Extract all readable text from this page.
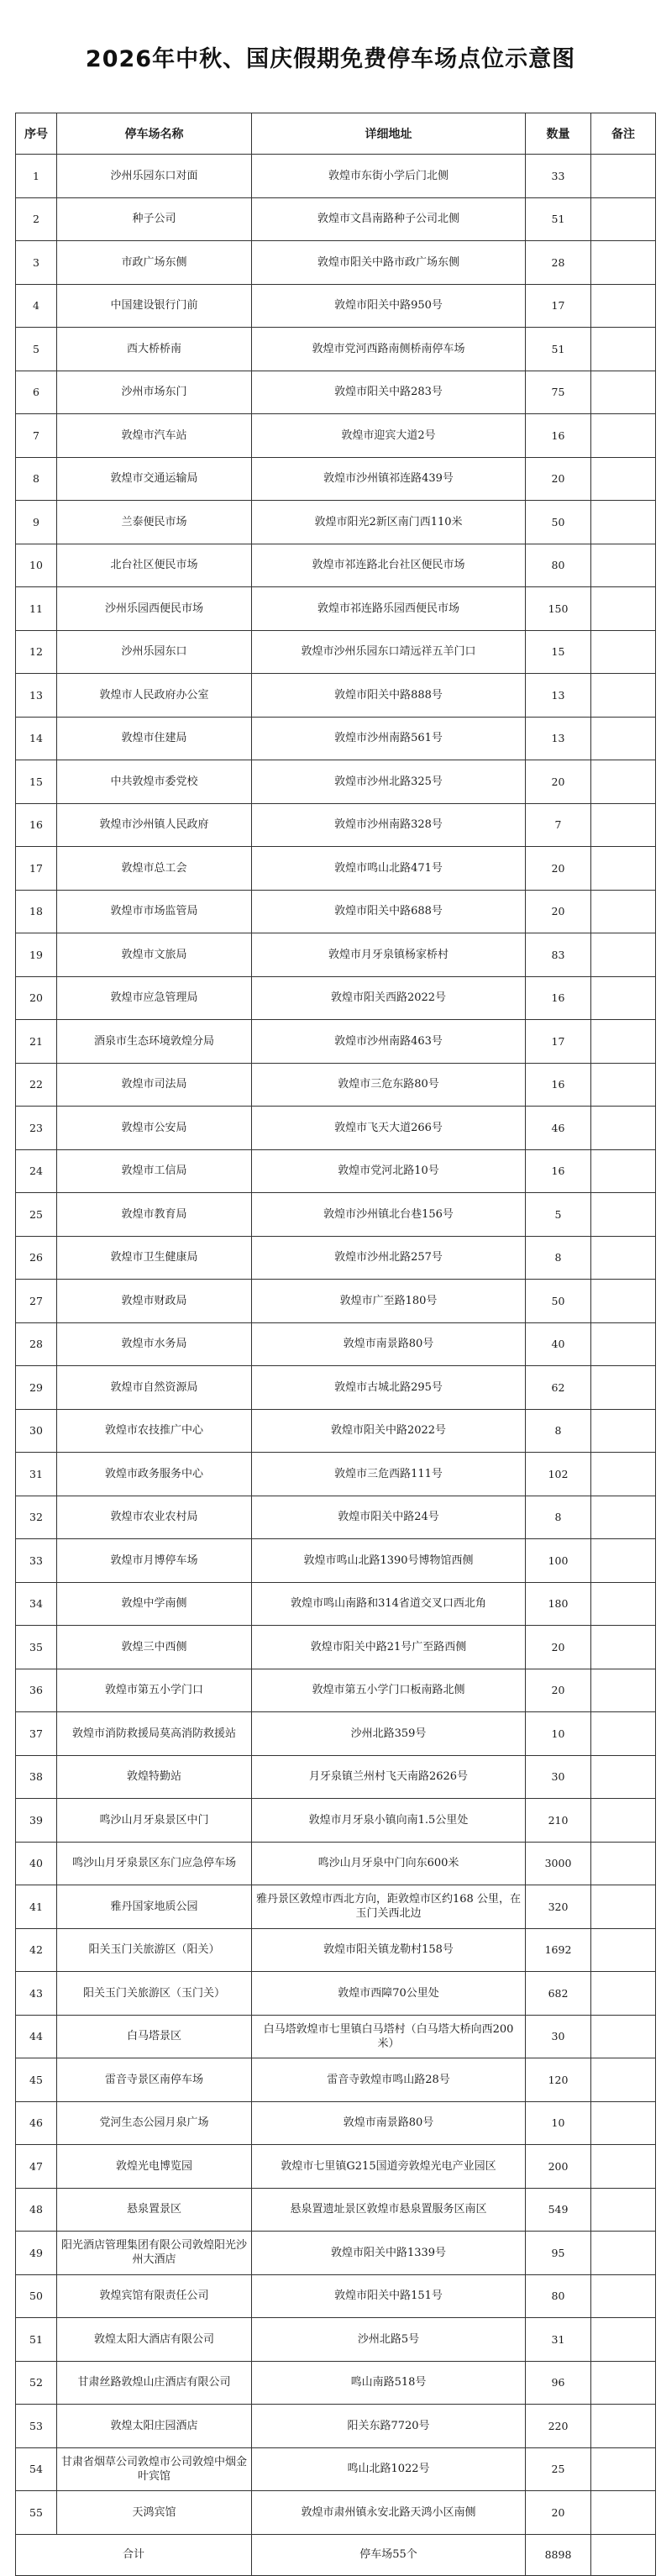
2026年中秋、国庆假期免费停车场点位示意图
序号	停车场名称	详细地址	数量	备注
1	沙州乐园东口对面	敦煌市东街小学后门北侧	33	
2	种子公司	敦煌市文昌南路种子公司北侧	51	
3	市政广场东侧	敦煌市阳关中路市政广场东侧	28	
4	中国建设银行门前	敦煌市阳关中路950号	17	
5	西大桥桥南	敦煌市党河西路南侧桥南停车场	51	
6	沙州市场东门	敦煌市阳关中路283号	75	
7	敦煌市汽车站	敦煌市迎宾大道2号	16	
8	敦煌市交通运输局	敦煌市沙州镇祁连路439号	20	
9	兰泰便民市场	敦煌市阳光2新区南门西110米	50	
10	北台社区便民市场	敦煌市祁连路北台社区便民市场	80	
11	沙州乐园西便民市场	敦煌市祁连路乐园西便民市场	150	
12	沙州乐园东口	敦煌市沙州乐园东口靖远祥五羊门口	15	
13	敦煌市人民政府办公室	敦煌市阳关中路888号	13	
14	敦煌市住建局	敦煌市沙州南路561号	13	
15	中共敦煌市委党校	敦煌市沙州北路325号	20	
16	敦煌市沙州镇人民政府	敦煌市沙州南路328号	7	
17	敦煌市总工会	敦煌市鸣山北路471号	20	
18	敦煌市市场监管局	敦煌市阳关中路688号	20	
19	敦煌市文旅局	敦煌市月牙泉镇杨家桥村	83	
20	敦煌市应急管理局	敦煌市阳关西路2022号	16	
21	酒泉市生态环境敦煌分局	敦煌市沙州南路463号	17	
22	敦煌市司法局	敦煌市三危东路80号	16	
23	敦煌市公安局	敦煌市飞天大道266号	46	
24	敦煌市工信局	敦煌市党河北路10号	16	
25	敦煌市教育局	敦煌市沙州镇北台巷156号	5	
26	敦煌市卫生健康局	敦煌市沙州北路257号	8	
27	敦煌市财政局	敦煌市广至路180号	50	
28	敦煌市水务局	敦煌市南景路80号	40	
29	敦煌市自然资源局	敦煌市古城北路295号	62	
30	敦煌市农技推广中心	敦煌市阳关中路2022号	8	
31	敦煌市政务服务中心	敦煌市三危西路111号	102	
32	敦煌市农业农村局	敦煌市阳关中路24号	8	
33	敦煌市月博停车场	敦煌市鸣山北路1390号博物馆西侧	100	
34	敦煌中学南侧	敦煌市鸣山南路和314省道交叉口西北角	180	
35	敦煌三中西侧	敦煌市阳关中路21号广至路西侧	20	
36	敦煌市第五小学门口	敦煌市第五小学门口板南路北侧	20	
37	敦煌市消防救援局莫高消防救援站	沙州北路359号	10	
38	敦煌特勤站	月牙泉镇兰州村飞天南路2626号	30	
39	鸣沙山月牙泉景区中门	敦煌市月牙泉小镇向南1.5公里处	210	
40	鸣沙山月牙泉景区东门应急停车场	鸣沙山月牙泉中门向东600米	3000	
41	雅丹国家地质公园	雅丹景区敦煌市西北方向，距敦煌市区约168 公里，在玉门关西北边	320	
42	阳关玉门关旅游区（阳关）	敦煌市阳关镇龙勒村158号	1692	
43	阳关玉门关旅游区（玉门关）	敦煌市西障70公里处	682	
44	白马塔景区	白马塔敦煌市七里镇白马塔村（白马塔大桥向西200米）	30	
45	雷音寺景区南停车场	雷音寺敦煌市鸣山路28号	120	
46	党河生态公园月泉广场	敦煌市南景路80号	10	
47	敦煌光电博览园	敦煌市七里镇G215国道旁敦煌光电产业园区	200	
48	悬泉置景区	悬泉置遗址景区敦煌市悬泉置服务区南区	549	
49	阳光酒店管理集团有限公司敦煌阳光沙州大酒店	敦煌市阳关中路1339号	95	
50	敦煌宾馆有限责任公司	敦煌市阳关中路151号	80	
51	敦煌太阳大酒店有限公司	沙州北路5号	31	
52	甘肃丝路敦煌山庄酒店有限公司	鸣山南路518号	96	
53	敦煌太阳庄园酒店	阳关东路7720号	220	
54	甘肃省烟草公司敦煌市公司敦煌中烟金叶宾馆	鸣山北路1022号	25	
55	天鸿宾馆	敦煌市肃州镇永安北路天鸿小区南侧	20	
合计		停车场55个	8898	
